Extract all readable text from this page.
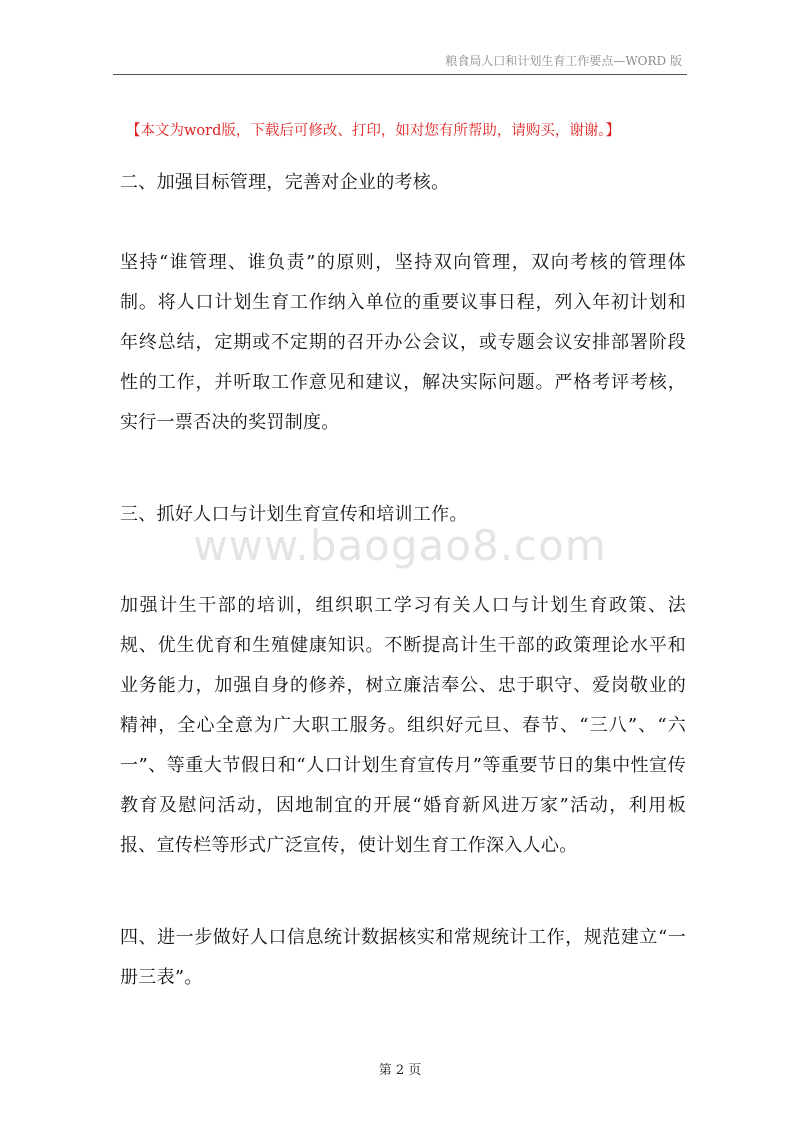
粮食局人口和计划生育工作要点—WORD 版
【本文为word版，下载后可修改、打印，如对您有所帮助，请购买，谢谢。】

二、加强目标管理，完善对企业的考核。

坚持“谁管理、谁负责”的原则，坚持双向管理，双向考核的管理体制。将人口计划生育工作纳入单位的重要议事日程，列入年初计划和年终总结，定期或不定期的召开办公会议，或专题会议安排部署阶段性的工作，并听取工作意见和建议，解决实际问题。严格考评考核，实行一票否决的奖罚制度。

三、抓好人口与计划生育宣传和培训工作。

www.baogao8.com

加强计生干部的培训，组织职工学习有关人口与计划生育政策、法规、优生优育和生殖健康知识。不断提高计生干部的政策理论水平和业务能力，加强自身的修养，树立廉洁奉公、忠于职守、爱岗敬业的精神，全心全意为广大职工服务。组织好元旦、春节、“三八”、“六一”、等重大节假日和“人口计划生育宣传月”等重要节日的集中性宣传教育及慰问活动，因地制宜的开展“婚育新风进万家”活动，利用板报、宣传栏等形式广泛宣传，使计划生育工作深入人心。

四、进一步做好人口信息统计数据核实和常规统计工作，规范建立“一册三表”。

第 2 页
